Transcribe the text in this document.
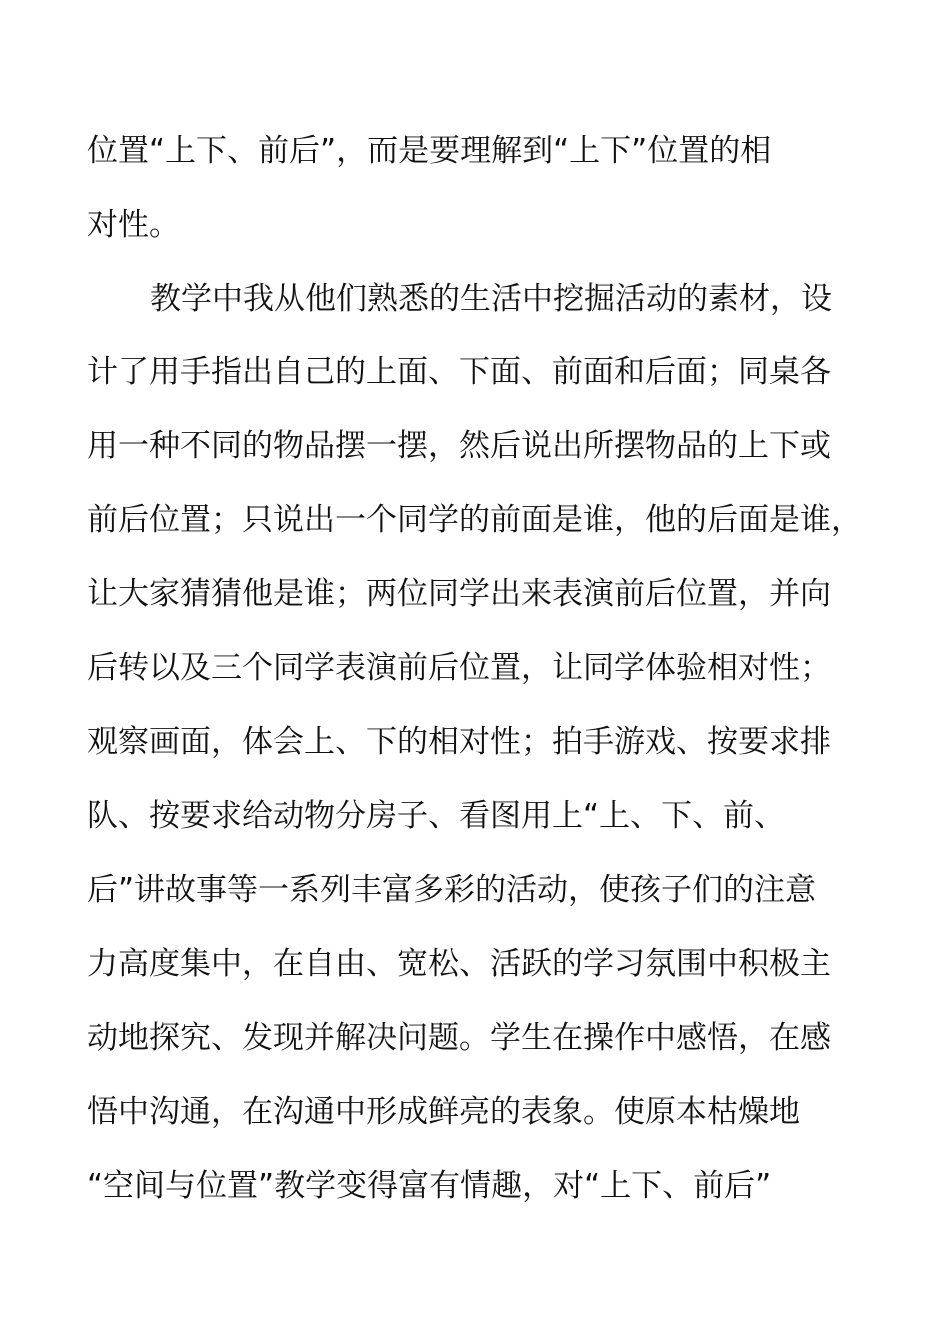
位置“上下、前后”，而是要理解到“上下”位置的相
对性。
教学中我从他们熟悉的生活中挖掘活动的素材，设
计了用手指出自己的上面、下面、前面和后面；同桌各
用一种不同的物品摆一摆，然后说出所摆物品的上下或
前后位置；只说出一个同学的前面是谁，他的后面是谁，
让大家猜猜他是谁；两位同学出来表演前后位置，并向
后转以及三个同学表演前后位置，让同学体验相对性；
观察画面，体会上、下的相对性；拍手游戏、按要求排
队、按要求给动物分房子、看图用上“上、下、前、
后”讲故事等一系列丰富多彩的活动，使孩子们的注意
力高度集中，在自由、宽松、活跃的学习氛围中积极主
动地探究、发现并解决问题。学生在操作中感悟，在感
悟中沟通，在沟通中形成鲜亮的表象。使原本枯燥地
“空间与位置”教学变得富有情趣，对“上下、前后”
